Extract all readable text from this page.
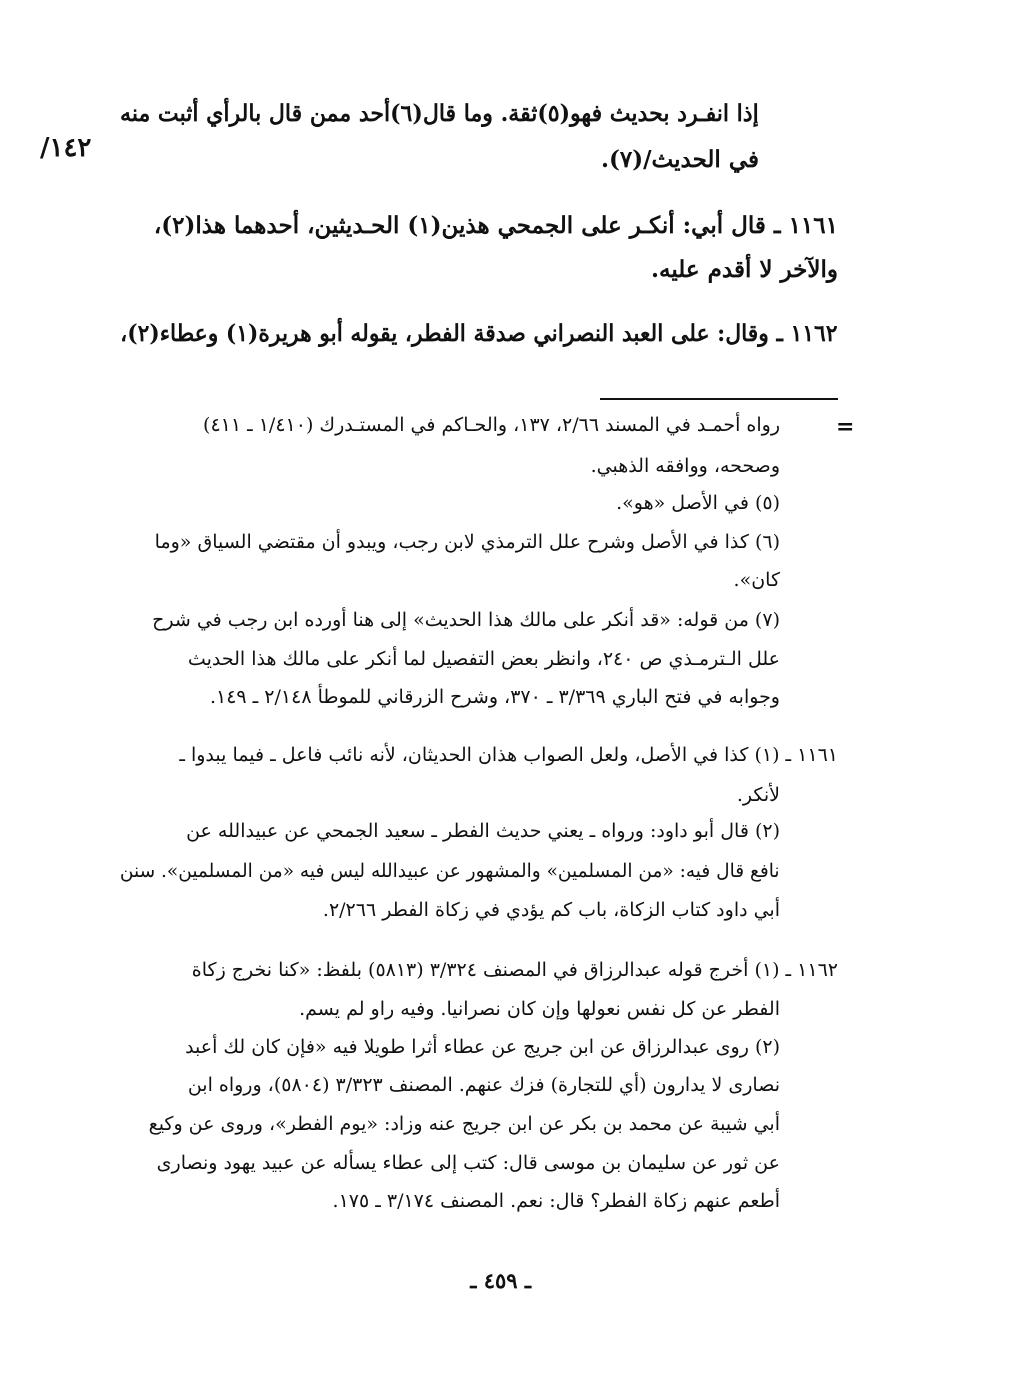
١٤٢/
=
إذا انفـرد بحديث فهو(٥)ثقة. وما قال(٦)أحد ممن قال بالرأي أثبت منه
في الحديث/(٧).
١١٦١ ـ قال أبي: أنكـر على الجمحي هذين(١) الحـديثين، أحدهما هذا(٢)،
والآخر لا أقدم عليه.
١١٦٢ ـ وقال: على العبد النصراني صدقة الفطر، يقوله أبو هريرة(١) وعطاء(٢)،
رواه أحمـد في المسند ٢/٦٦، ١٣٧، والحـاكم في المستـدرك (١/٤١٠ ـ ٤١١)
وصححه، ووافقه الذهبي.
(٥) في الأصل «هو».
(٦) كذا في الأصل وشرح علل الترمذي لابن رجب، ويبدو أن مقتضي السياق «وما
كان».
(٧) من قوله: «قد أنكر على مالك هذا الحديث» إلى هنا أورده ابن رجب في شرح
علل الـترمـذي ص ٢٤٠، وانظر بعض التفصيل لما أنكر على مالك هذا الحديث
وجوابه في فتح الباري ٣/٣٦٩ ـ ٣٧٠، وشرح الزرقاني للموطأ ٢/١٤٨ ـ ١٤٩.
١١٦١ ـ (١) كذا في الأصل، ولعل الصواب هذان الحديثان، لأنه نائب فاعل ـ فيما يبدوا ـ
لأنكر.
(٢) قال أبو داود: ورواه ـ يعني حديث الفطر ـ سعيد الجمحي عن عبيدالله عن
نافع قال فيه: «من المسلمين» والمشهور عن عبيدالله ليس فيه «من المسلمين». سنن
أبي داود كتاب الزكاة، باب كم يؤدي في زكاة الفطر ٢/٢٦٦.
١١٦٢ ـ (١) أخرج قوله عبدالرزاق في المصنف ٣/٣٢٤ (٥٨١٣) بلفظ: «كنا نخرج زكاة
الفطر عن كل نفس نعولها وإن كان نصرانيا. وفيه راو لم يسم.
(٢) روى عبدالرزاق عن ابن جريج عن عطاء أثرا طويلا فيه «فإن كان لك أعبد
نصارى لا يدارون (أي للتجارة) فزك عنهم. المصنف ٣/٣٢٣ (٥٨٠٤)، ورواه ابن
أبي شيبة عن محمد بن بكر عن ابن جريج عنه وزاد: «يوم الفطر»، وروى عن وكيع
عن ثور عن سليمان بن موسى قال: كتب إلى عطاء يسأله عن عبيد يهود ونصارى
أطعم عنهم زكاة الفطر؟ قال: نعم. المصنف ٣/١٧٤ ـ ١٧٥.
ـ ٤٥٩ ـ
